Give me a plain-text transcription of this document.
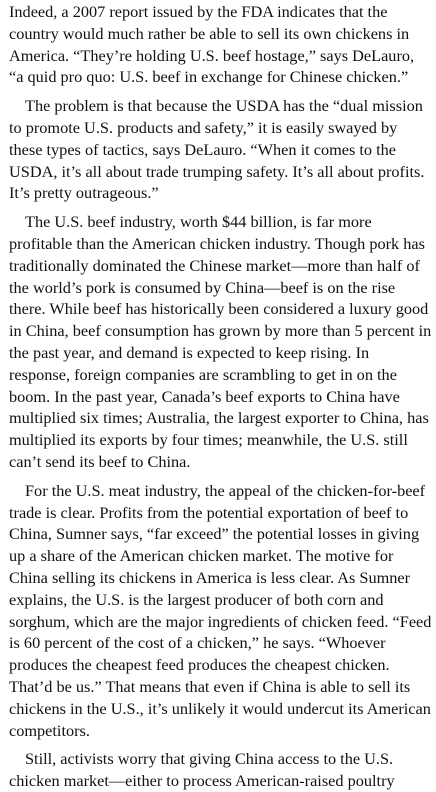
Indeed, a 2007 report issued by the FDA indicates that the country would much rather be able to sell its own chickens in America. “They’re holding U.S. beef hostage,” says DeLauro, “a quid pro quo: U.S. beef in exchange for Chinese chicken.”

The problem is that because the USDA has the “dual mission to promote U.S. products and safety,” it is easily swayed by these types of tactics, says DeLauro. “When it comes to the USDA, it’s all about trade trumping safety. It’s all about profits. It’s pretty outrageous.”

The U.S. beef industry, worth $44 billion, is far more profitable than the American chicken industry. Though pork has traditionally dominated the Chinese market—more than half of the world’s pork is consumed by China—beef is on the rise there. While beef has historically been considered a luxury good in China, beef consumption has grown by more than 5 percent in the past year, and demand is expected to keep rising. In response, foreign companies are scrambling to get in on the boom. In the past year, Canada’s beef exports to China have multiplied six times; Australia, the largest exporter to China, has multiplied its exports by four times; meanwhile, the U.S. still can’t send its beef to China.

For the U.S. meat industry, the appeal of the chicken-for-beef trade is clear. Profits from the potential exportation of beef to China, Sumner says, “far exceed” the potential losses in giving up a share of the American chicken market. The motive for China selling its chickens in America is less clear. As Sumner explains, the U.S. is the largest producer of both corn and sorghum, which are the major ingredients of chicken feed. “Feed is 60 percent of the cost of a chicken,” he says. “Whoever produces the cheapest feed produces the cheapest chicken. That’d be us.” That means that even if China is able to sell its chickens in the U.S., it’s unlikely it would undercut its American competitors.

Still, activists worry that giving China access to the U.S. chicken market—either to process American-raised poultry
